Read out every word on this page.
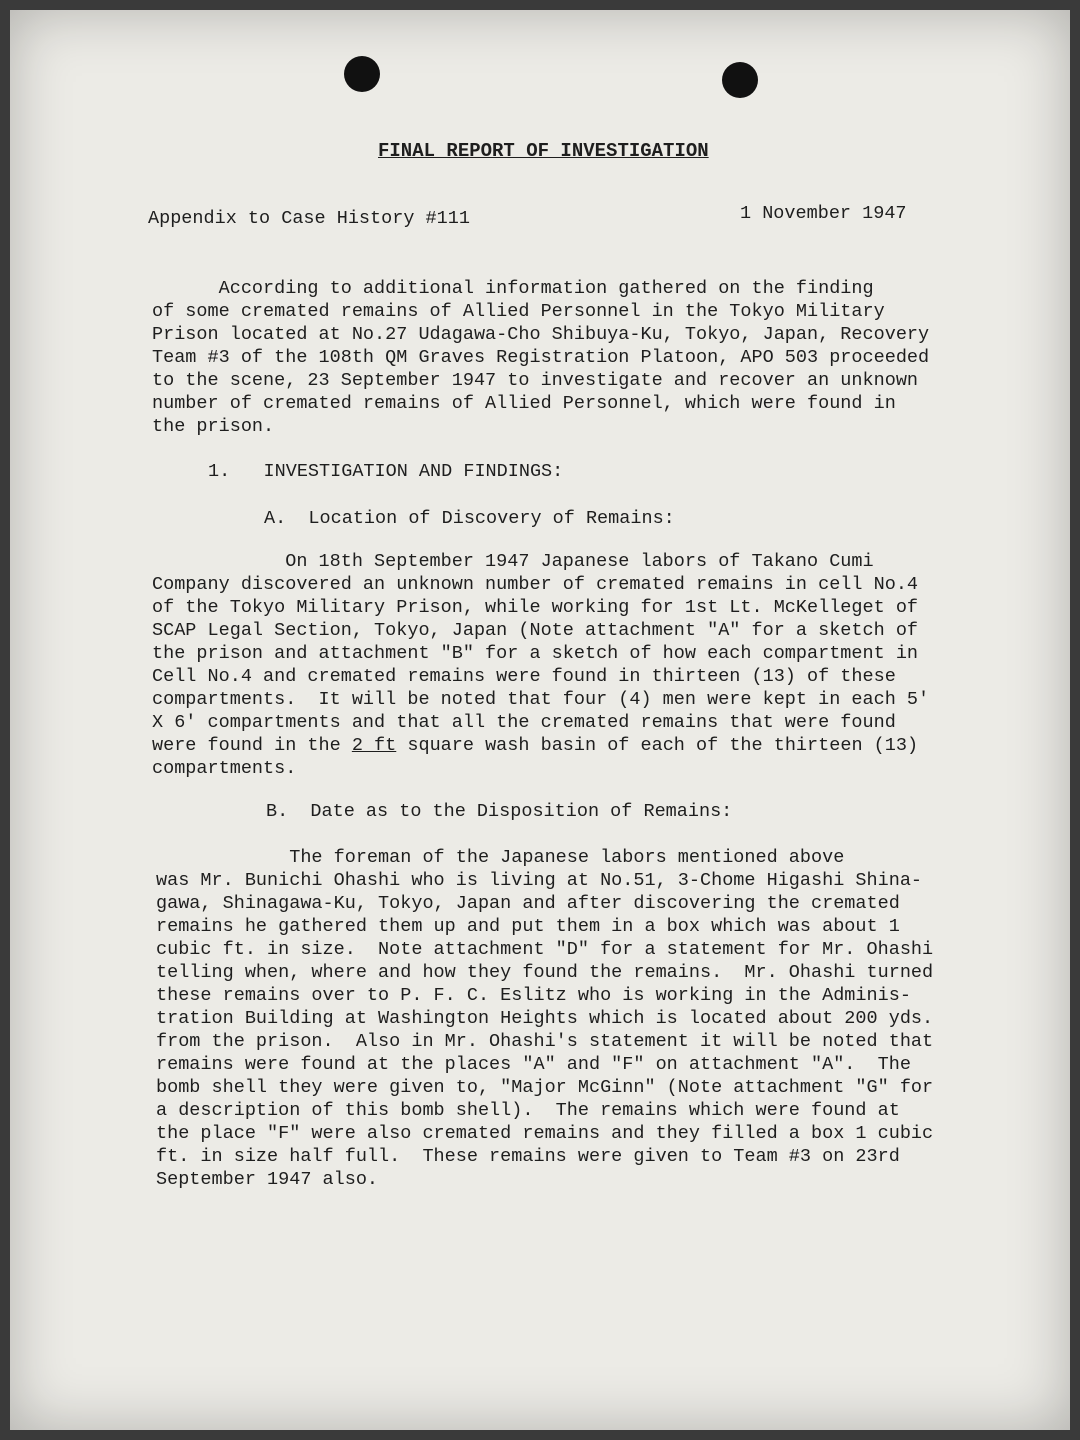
FINAL REPORT OF INVESTIGATION
Appendix to Case History #111	1 November 1947
According to additional information gathered on the finding
of some cremated remains of Allied Personnel in the Tokyo Military
Prison located at No.27 Udagawa-Cho Shibuya-Ku, Tokyo, Japan, Recovery
Team #3 of the 108th QM Graves Registration Platoon, APO 503 proceeded
to the scene, 23 September 1947 to investigate and recover an unknown
number of cremated remains of Allied Personnel, which were found in
the prison.
1.   INVESTIGATION AND FINDINGS:
A.  Location of Discovery of Remains:
On 18th September 1947 Japanese labors of Takano Cumi
Company discovered an unknown number of cremated remains in cell No.4
of the Tokyo Military Prison, while working for 1st Lt. McKelleget of
SCAP Legal Section, Tokyo, Japan (Note attachment "A" for a sketch of
the prison and attachment "B" for a sketch of how each compartment in
Cell No.4 and cremated remains were found in thirteen (13) of these
compartments.  It will be noted that four (4) men were kept in each 5'
X 6' compartments and that all the cremated remains that were found
were found in the 2 ft square wash basin of each of the thirteen (13)
compartments.
B.  Date as to the Disposition of Remains:
The foreman of the Japanese labors mentioned above
was Mr. Bunichi Ohashi who is living at No.51, 3-Chome Higashi Shina-
gawa, Shinagawa-Ku, Tokyo, Japan and after discovering the cremated
remains he gathered them up and put them in a box which was about 1
cubic ft. in size.  Note attachment "D" for a statement for Mr. Ohashi
telling when, where and how they found the remains.  Mr. Ohashi turned
these remains over to P. F. C. Eslitz who is working in the Adminis-
tration Building at Washington Heights which is located about 200 yds.
from the prison.  Also in Mr. Ohashi's statement it will be noted that
remains were found at the places "A" and "F" on attachment "A".  The
bomb shell they were given to, "Major McGinn" (Note attachment "G" for
a description of this bomb shell).  The remains which were found at
the place "F" were also cremated remains and they filled a box 1 cubic
ft. in size half full.  These remains were given to Team #3 on 23rd
September 1947 also.
